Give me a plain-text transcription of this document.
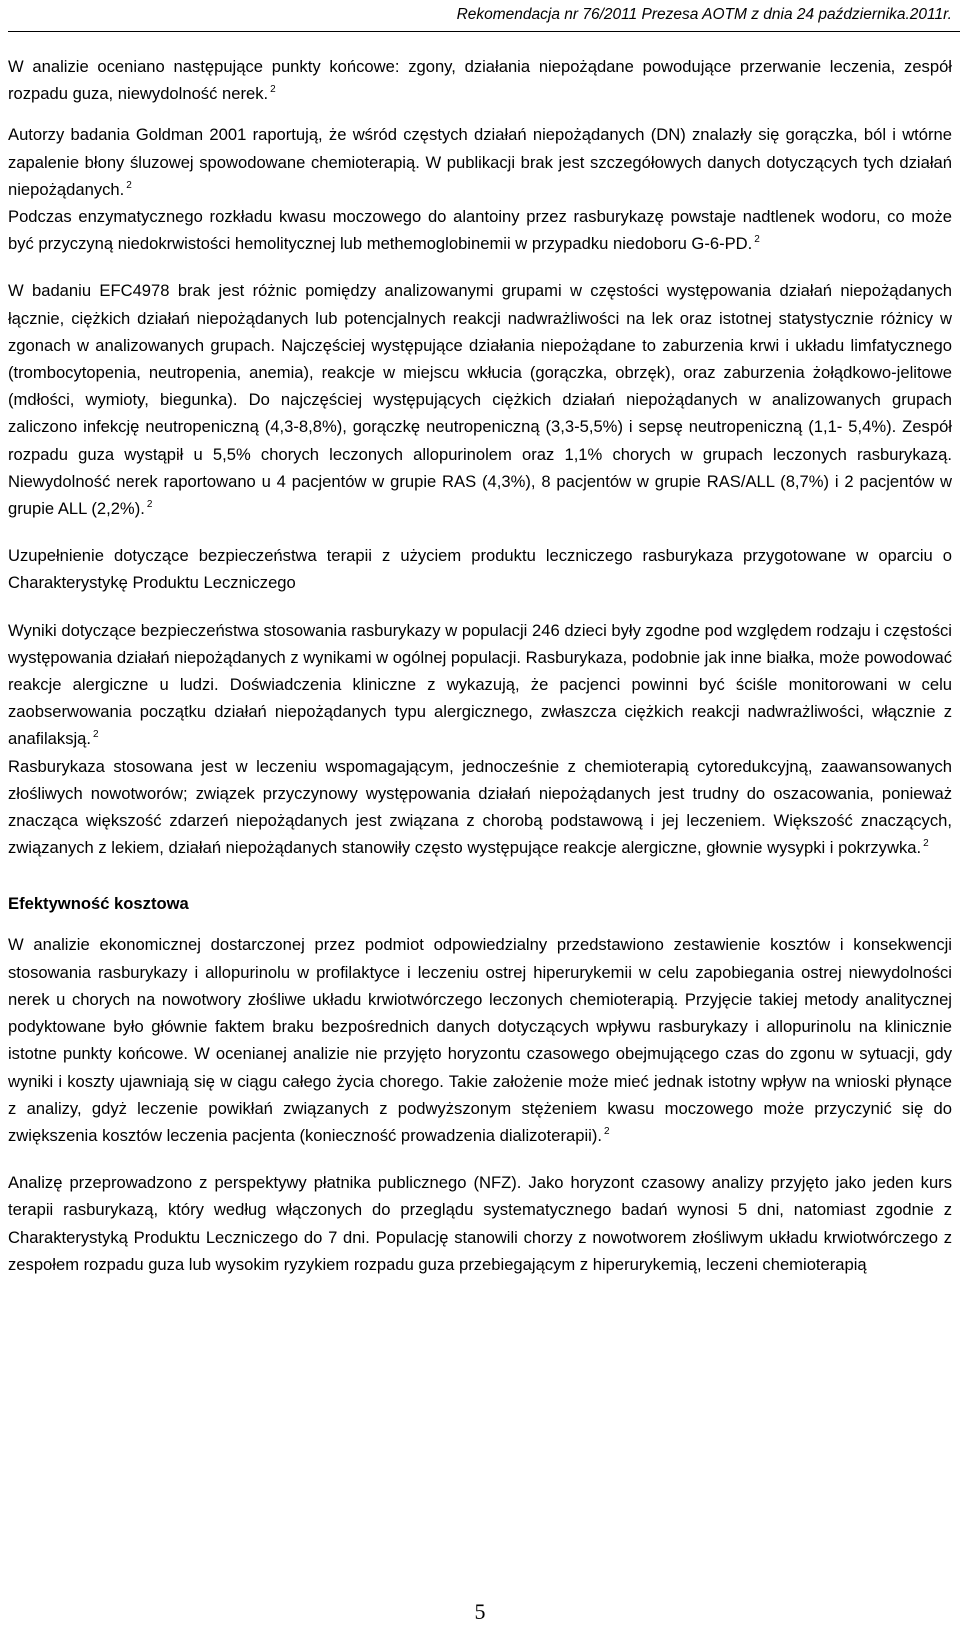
Rekomendacja nr 76/2011 Prezesa AOTM z dnia 24 października.2011r.

W analizie oceniano następujące punkty końcowe: zgony, działania niepożądane powodujące przerwanie leczenia, zespół rozpadu guza, niewydolność nerek. $^2$

Autorzy badania Goldman 2001 raportują, że wśród częstych działań niepożądanych (DN) znalazły się gorączka, ból i wtórne zapalenie błony śluzowej spowodowane chemioterapią. W publikacji brak jest szczegółowych danych dotyczących tych działań niepożądanych. $^2$

Podczas enzymatycznego rozkładu kwasu moczowego do alantoiny przez rasburykazę powstaje nadtlenek wodoru, co może być przyczyną niedokrwistości hemolitycznej lub methemoglobinemii w przypadku niedoboru G-6-PD. $^2$

W badaniu EFC4978 brak jest różnic pomiędzy analizowanymi grupami w częstości występowania działań niepożądanych łącznie, ciężkich działań niepożądanych lub potencjalnych reakcji nadwrażliwości na lek oraz istotnej statystycznie różnicy w zgonach w analizowanych grupach. Najczęściej występujące działania niepożądane to zaburzenia krwi i układu limfatycznego (trombocytopenia, neutropenia, anemia), reakcje w miejscu wkłucia (gorączka, obrzęk), oraz zaburzenia żołądkowo-jelitowe (mdłości, wymioty, biegunka). Do najczęściej występujących ciężkich działań niepożądanych w analizowanych grupach zaliczono infekcję neutropeniczną (4,3-8,8%), gorączkę neutropeniczną (3,3-5,5%) i sepsę neutropeniczną (1,1- 5,4%). Zespół rozpadu guza wystąpił u 5,5% chorych leczonych allopurinolem oraz 1,1% chorych w grupach leczonych rasburykazą. Niewydolność nerek raportowano u 4 pacjentów w grupie RAS (4,3%), 8 pacjentów w grupie RAS/ALL (8,7%) i 2 pacjentów w grupie ALL (2,2%). $^2$

Uzupełnienie dotyczące bezpieczeństwa terapii z użyciem produktu leczniczego rasburykaza przygotowane w oparciu o Charakterystykę Produktu Leczniczego

Wyniki dotyczące bezpieczeństwa stosowania rasburykazy w populacji 246 dzieci były zgodne pod względem rodzaju i częstości występowania działań niepożądanych z wynikami w ogólnej populacji. Rasburykaza, podobnie jak inne białka, może powodować reakcje alergiczne u ludzi. Doświadczenia kliniczne z wykazują, że pacjenci powinni być ściśle monitorowani w celu zaobserwowania początku działań niepożądanych typu alergicznego, zwłaszcza ciężkich reakcji nadwrażliwości, włącznie z anafilaksją. $^2$

Rasburykaza stosowana jest w leczeniu wspomagającym, jednocześnie z chemioterapią cytoredukcyjną, zaawansowanych złośliwych nowotworów; związek przyczynowy występowania działań niepożądanych jest trudny do oszacowania, ponieważ znacząca większość zdarzeń niepożądanych jest związana z chorobą podstawową i jej leczeniem. Większość znaczących, związanych z lekiem, działań niepożądanych stanowiły często występujące reakcje alergiczne, głownie wysypki i pokrzywka. $^2$

Efektywność kosztowa

W analizie ekonomicznej dostarczonej przez podmiot odpowiedzialny przedstawiono zestawienie kosztów i konsekwencji stosowania rasburykazy i allopurinolu w profilaktyce i leczeniu ostrej hiperurykemii w celu zapobiegania ostrej niewydolności nerek u chorych na nowotwory złośliwe układu krwiotwórczego leczonych chemioterapią. Przyjęcie takiej metody analitycznej podyktowane było głównie faktem braku bezpośrednich danych dotyczących wpływu rasburykazy i allopurinolu na klinicznie istotne punkty końcowe. W ocenianej analizie nie przyjęto horyzontu czasowego obejmującego czas do zgonu w sytuacji, gdy wyniki i koszty ujawniają się w ciągu całego życia chorego. Takie założenie może mieć jednak istotny wpływ na wnioski płynące z analizy, gdyż leczenie powikłań związanych z podwyższonym stężeniem kwasu moczowego może przyczynić się do zwiększenia kosztów leczenia pacjenta (konieczność prowadzenia dializoterapii). $^2$

Analizę przeprowadzono z perspektywy płatnika publicznego (NFZ). Jako horyzont czasowy analizy przyjęto jako jeden kurs terapii rasburykazą, który według włączonych do przeglądu systematycznego badań wynosi 5 dni, natomiast zgodnie z Charakterystyką Produktu Leczniczego do 7 dni. Populację stanowili chorzy z nowotworem złośliwym układu krwiotwórczego z zespołem rozpadu guza lub wysokim ryzykiem rozpadu guza przebiegającym z hiperurykemią, leczeni chemioterapią

5
